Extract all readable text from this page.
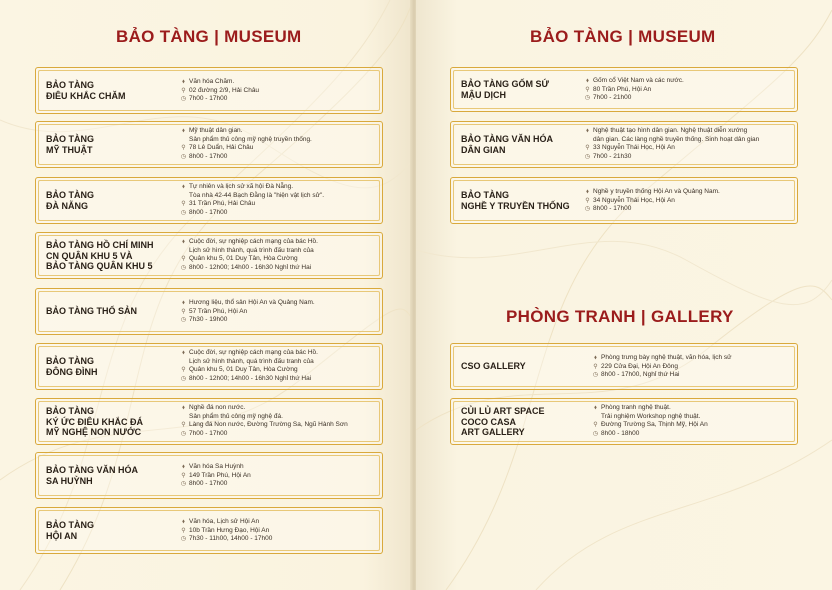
BẢO TÀNG | MUSEUM	BẢO TÀNG | MUSEUM
PHÒNG TRANH | GALLERY
BẢO TÀNG
ĐIÊU KHẮC CHĂM
⬧ Văn hóa Chăm.
⚲ 02 đường 2/9, Hải Châu
◷ 7h00 - 17h00
BẢO TÀNG
MỸ THUẬT
⬧ Mỹ thuật dân gian.
Sản phẩm thủ công mỹ nghệ truyền thống.
⚲ 78 Lê Duẩn, Hải Châu
◷ 8h00 - 17h00
BẢO TÀNG
ĐÀ NẴNG
⬧ Tự nhiên và lịch sử xã hội Đà Nẵng.
Tòa nhà 42-44 Bạch Đằng là "hiện vật lịch sử".
⚲ 31 Trần Phú, Hải Châu
◷ 8h00 - 17h00
BẢO TÀNG HỒ CHÍ MINH
CN QUÂN KHU 5 VÀ
BẢO TÀNG QUÂN KHU 5
⬧ Cuộc đời, sự nghiệp cách mạng của bác Hồ.
Lịch sử hình thành, quá trình đấu tranh của
⚲ Quân khu 5, 01 Duy Tân, Hòa Cường
◷ 8h00 - 12h00; 14h00 - 16h30 Nghỉ thứ Hai
BẢO TÀNG THỔ SẢN
⬧ Hương liệu, thổ sản Hội An và Quảng Nam.
⚲ 57 Trần Phú, Hội An
◷ 7h30 - 19h00
BẢO TÀNG
ĐÔNG ĐÌNH
⬧ Cuộc đời, sự nghiệp cách mạng của bác Hồ.
Lịch sử hình thành, quá trình đấu tranh của
⚲ Quân khu 5, 01 Duy Tân, Hòa Cường
◷ 8h00 - 12h00; 14h00 - 16h30 Nghỉ thứ Hai
BẢO TÀNG
KÝ ỨC ĐIÊU KHẮC ĐÁ
MỸ NGHỆ NON NƯỚC
⬧ Nghề đá non nước.
Sản phẩm thủ công mỹ nghệ đá.
⚲ Làng đá Non nước, Đường Trường Sa, Ngũ Hành Sơn
◷ 7h00 - 17h00
BẢO TÀNG VĂN HÓA
SA HUỲNH
⬧ Văn hóa Sa Huỳnh
⚲ 149 Trần Phú, Hội An
◷ 8h00 - 17h00
BẢO TÀNG
HỘI AN
⬧ Văn hóa, Lịch sử Hội An
⚲ 10b Trần Hưng Đạo, Hội An
◷ 7h30 - 11h00, 14h00 - 17h00
BẢO TÀNG GỐM SỨ
MẬU DỊCH
⬧ Gốm cổ Việt Nam và các nước.
⚲ 80 Trần Phú, Hội An
◷ 7h00 - 21h00
BẢO TÀNG VĂN HÓA
DÂN GIAN
⬧ Nghệ thuật tạo hình dân gian. Nghệ thuật diễn xướng
dân gian. Các làng nghề truyền thống. Sinh hoạt dân gian
⚲ 33 Nguyễn Thái Học, Hội An
◷ 7h00 - 21h30
BẢO TÀNG
NGHỀ Y TRUYỀN THỐNG
⬧ Nghề y truyền thống Hội An và Quảng Nam.
⚲ 34 Nguyễn Thái Học, Hội An
◷ 8h00 - 17h00
CSO GALLERY
⬧ Phòng trưng bày nghệ thuật, văn hóa, lịch sử
⚲ 229 Cửa Đại, Hội An Đông
◷ 8h00 - 17h00, Nghỉ thứ Hai
CỦI LỦ ART SPACE
COCO CASA
ART GALLERY
⬧ Phòng tranh nghệ thuật.
Trải nghiệm Workshop nghệ thuật.
⚲ Đường Trường Sa, Thịnh Mỹ, Hội An
◷ 8h00 - 18h00
